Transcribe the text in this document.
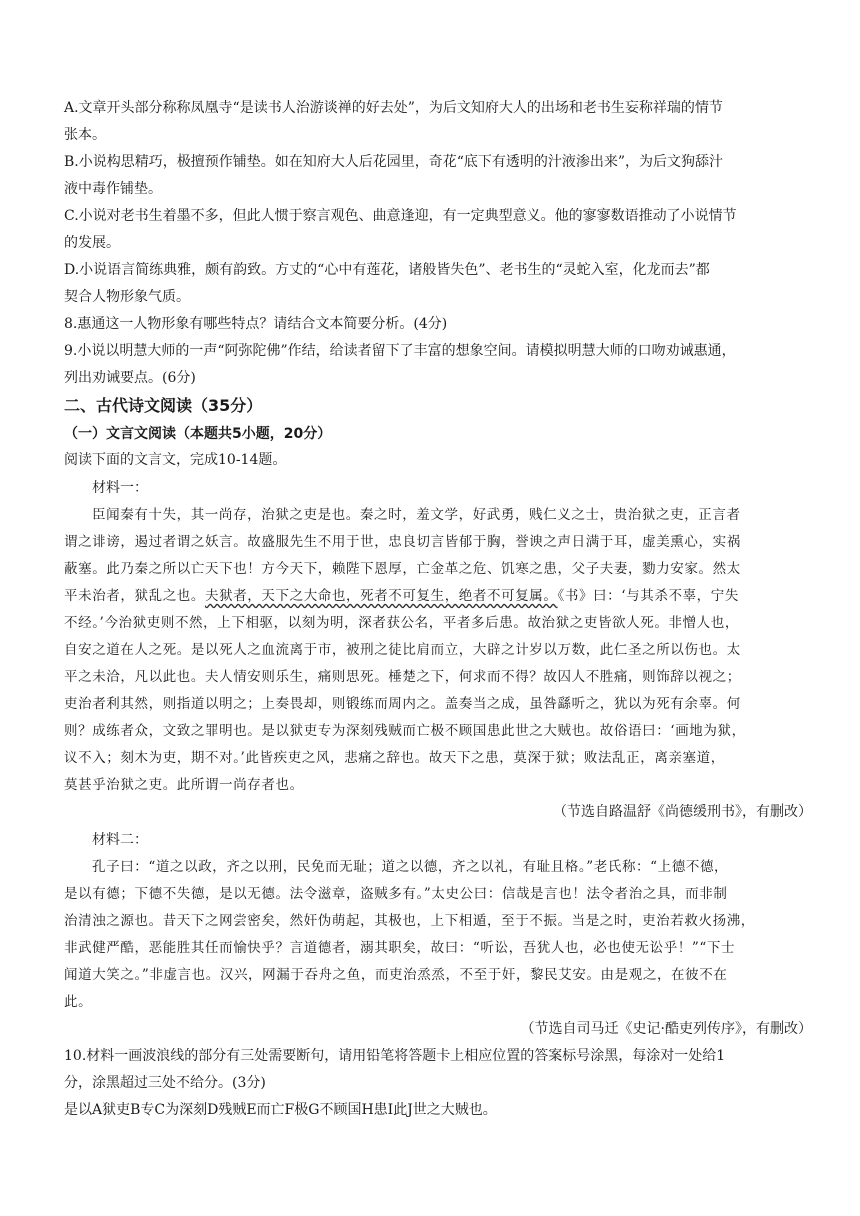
A.文章开头部分称称凤凰寺“是读书人治游谈禅的好去处”，为后文知府大人的出场和老书生妄称祥瑞的情节
张本。
B.小说构思精巧，极擅预作铺垫。如在知府大人后花园里，奇花“底下有透明的汁液渗出来”，为后文狗舔汁
液中毒作铺垫。
C.小说对老书生着墨不多，但此人惯于察言观色、曲意逢迎，有一定典型意义。他的寥寥数语推动了小说情节
的发展。
D.小说语言简练典雅，颇有韵致。方丈的“心中有莲花，诸般皆失色”、老书生的“灵蛇入室，化龙而去”都
契合人物形象气质。
8.惠通这一人物形象有哪些特点？请结合文本简要分析。(4分)
9.小说以明慧大师的一声“阿弥陀佛”作结，给读者留下了丰富的想象空间。请模拟明慧大师的口吻劝诫惠通，
列出劝诫要点。(6分)
二、古代诗文阅读（35分）
（一）文言文阅读（本题共5小题，20分）
阅读下面的文言文，完成10-14题。
材料一：
臣闻秦有十失，其一尚存，治狱之吏是也。秦之时，羞文学，好武勇，贱仁义之士，贵治狱之吏，正言者
谓之诽谤，遏过者谓之妖言。故盛服先生不用于世，忠良切言皆郁于胸，誉谀之声日满于耳，虚美熏心，实祸
蔽塞。此乃秦之所以亡天下也！方今天下，赖陛下恩厚，亡金革之危、饥寒之患，父子夫妻，勠力安家。然太
平未治者，狱乱之也。夫狱者，天下之大命也，死者不可复生，绝者不可复属。《书》曰：‘与其杀不辜，宁失
不经。’今治狱吏则不然，上下相驱，以刻为明，深者获公名，平者多后患。故治狱之吏皆欲人死。非憎人也，
自安之道在人之死。是以死人之血流离于市，被刑之徒比肩而立，大辟之计岁以万数，此仁圣之所以伤也。太
平之未洽，凡以此也。夫人情安则乐生，痛则思死。棰楚之下，何求而不得？故囚人不胜痛，则饰辞以视之；
吏治者利其然，则指道以明之；上奏畏却，则锻练而周内之。盖奏当之成，虽咎繇听之，犹以为死有余辜。何
则？成练者众，文致之罪明也。是以狱吏专为深刻残贼而亡极不顾国患此世之大贼也。故俗语曰：‘画地为狱，
议不入；刻木为吏，期不对。’此皆疾吏之风，悲痛之辞也。故天下之患，莫深于狱；败法乱正，离亲塞道，
莫甚乎治狱之吏。此所谓一尚存者也。
（节选自路温舒《尚德缓刑书》，有删改）
材料二：
孔子曰：“道之以政，齐之以刑，民免而无耻；道之以德，齐之以礼，有耻且格。”老氏称：“上德不德，
是以有德；下德不失德，是以无德。法令滋章，盗贼多有。”太史公曰：信哉是言也！法令者治之具，而非制
治清浊之源也。昔天下之网尝密矣，然奸伪萌起，其极也，上下相遁，至于不振。当是之时，吏治若救火扬沸，
非武健严酷，恶能胜其任而愉快乎？言道德者，溺其职矣，故曰：“听讼，吾犹人也，必也使无讼乎！”“下士
闻道大笑之。”非虚言也。汉兴，网漏于吞舟之鱼，而吏治烝烝，不至于奸，黎民艾安。由是观之，在彼不在
此。
（节选自司马迁《史记·酷吏列传序》，有删改）
10.材料一画波浪线的部分有三处需要断句，请用铅笔将答题卡上相应位置的答案标号涂黑，每涂对一处给1
分，涂黑超过三处不给分。(3分)
是以A狱吏B专C为深刻D残贼E而亡F极G不顾国H患I此J世之大贼也。
